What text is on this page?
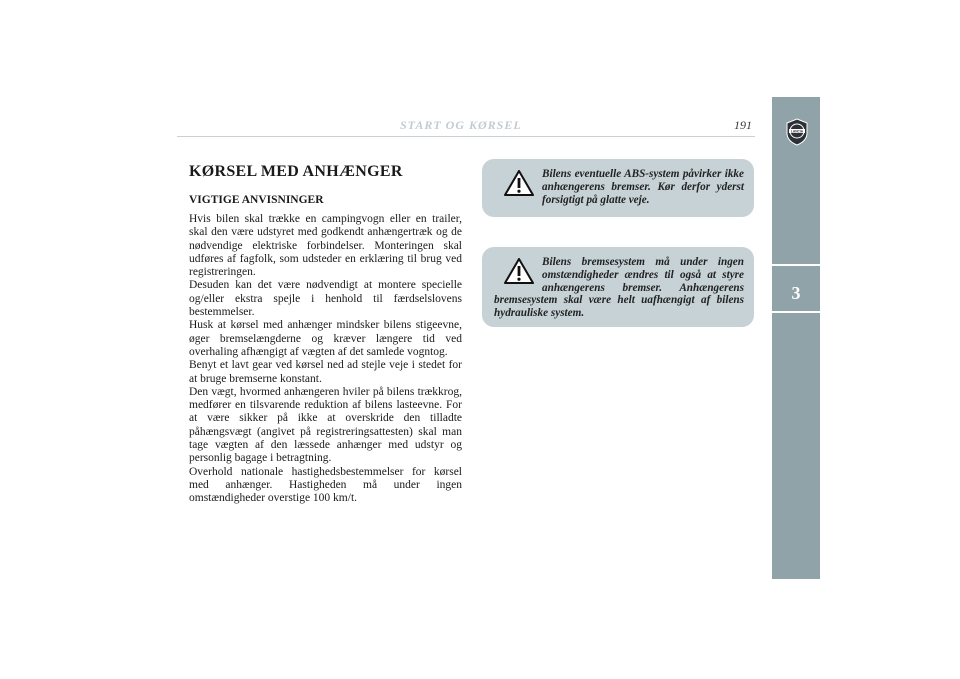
START OG KØRSEL	191
3
LANCIA
KØRSEL MED ANHÆNGER
VIGTIGE ANVISNINGER

Hvis bilen skal trække en campingvogn eller en trailer, skal den være udstyret med godkendt anhængertræk og de nødvendige elektriske forbindelser. Monteringen skal udføres af fagfolk, som udsteder en erklæring til brug ved registreringen.

Desuden kan det være nødvendigt at montere specielle og/eller ekstra spejle i henhold til færdselslovens bestemmelser.

Husk at kørsel med anhænger mindsker bilens stigeevne, øger bremselængderne og kræver længere tid ved overhaling afhængigt af vægten af det samlede vogntog.

Benyt et lavt gear ved kørsel ned ad stejle veje i stedet for at bruge bremserne konstant.

Den vægt, hvormed anhængeren hviler på bilens trækkrog, medfører en tilsvarende reduktion af bilens lasteevne. For at være sikker på ikke at overskride den tilladte påhængsvægt (angivet på registreringsattesten) skal man tage vægten af den læssede anhænger med udstyr og personlig bagage i betragtning.

Overhold nationale hastighedsbestemmelser for kørsel med anhænger. Hastigheden må under ingen omstændigheder overstige 100 km/t.

Bilens eventuelle ABS-system påvirker ikke anhængerens bremser. Kør derfor yderst forsigtigt på glatte veje.
Bilens bremsesystem må under ingen omstændigheder ændres til også at styre anhængerens bremser. Anhængerens bremsesystem skal være helt uafhængigt af bilens hydrauliske system.
